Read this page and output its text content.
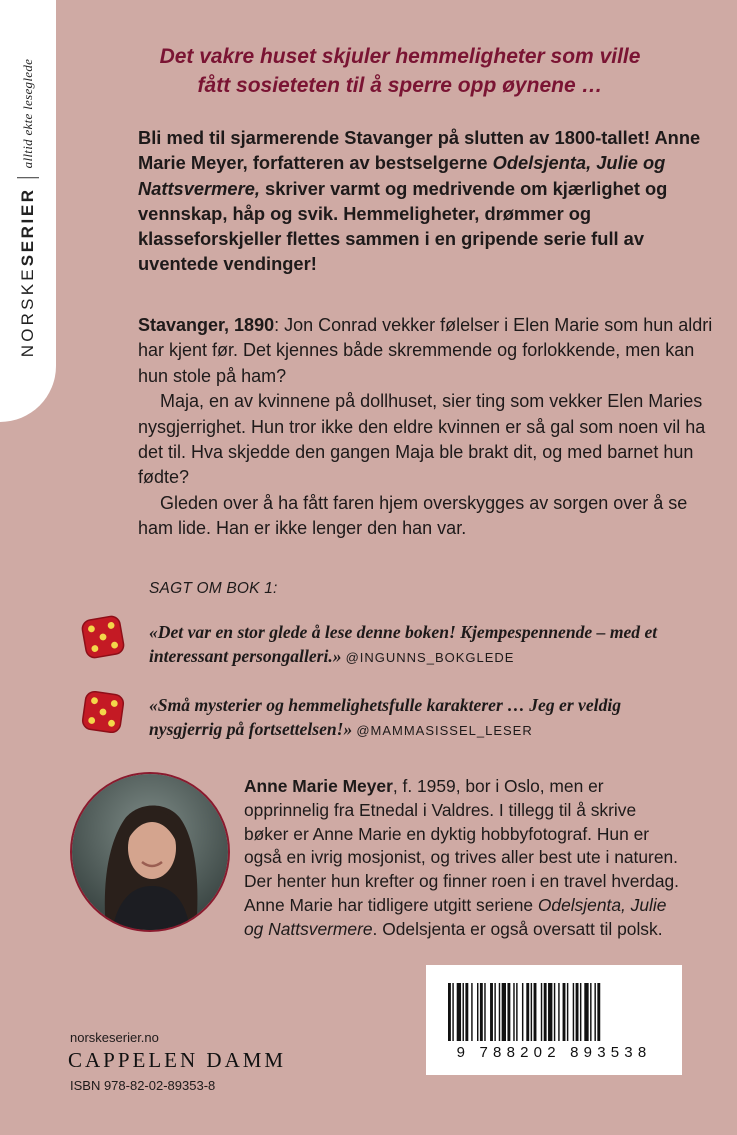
NORSKE
SERIER
alltid ekte leseglede
Det vakre huset skjuler hemmeligheter som ville
fått sosieteten til å sperre opp øynene …
Bli med til sjarmerende Stavanger på slutten av 1800-tallet! Anne Marie Meyer, forfatteren av bestselgerne Odelsjenta, Julie og Nattsvermere, skriver varmt og medrivende om kjærlighet og vennskap, håp og svik. Hemmeligheter, drømmer og klasseforskjeller flettes sammen i en gripende serie full av uventede vendinger!

Stavanger, 1890: Jon Conrad vekker følelser i Elen Marie som hun aldri har kjent før. Det kjennes både skremmende og forlokkende, men kan hun stole på ham?

Maja, en av kvinnene på dollhuset, sier ting som vekker Elen Maries nysgjerrighet. Hun tror ikke den eldre kvinnen er så gal som noen vil ha det til. Hva skjedde den gangen Maja ble brakt dit, og med barnet hun fødte?

Gleden over å ha fått faren hjem overskygges av sorgen over å se ham lide. Han er ikke lenger den han var.

SAGT OM BOK 1:
«Det var en stor glede å lese denne boken! Kjempespennende – med et interessant persongalleri.» @INGUNNS_BOKGLEDE
«Små mysterier og hemmelighetsfulle karakterer … Jeg er veldig nysgjerrig på fortsettelsen!» @MAMMASISSEL_LESER
Anne Marie Meyer, f. 1959, bor i Oslo, men er opprinnelig fra Etnedal i Valdres. I tillegg til å skrive bøker er Anne Marie en dyktig hobbyfotograf. Hun er også en ivrig mosjonist, og trives aller best ute i naturen. Der henter hun krefter og finner roen i en travel hverdag. Anne Marie har tidligere utgitt seriene Odelsjenta, Julie og Nattsvermere. Odelsjenta er også oversatt til polsk.
9 788202 893538
norskeserier.no
CAPPELEN DAMM
ISBN 978-82-02-89353-8
